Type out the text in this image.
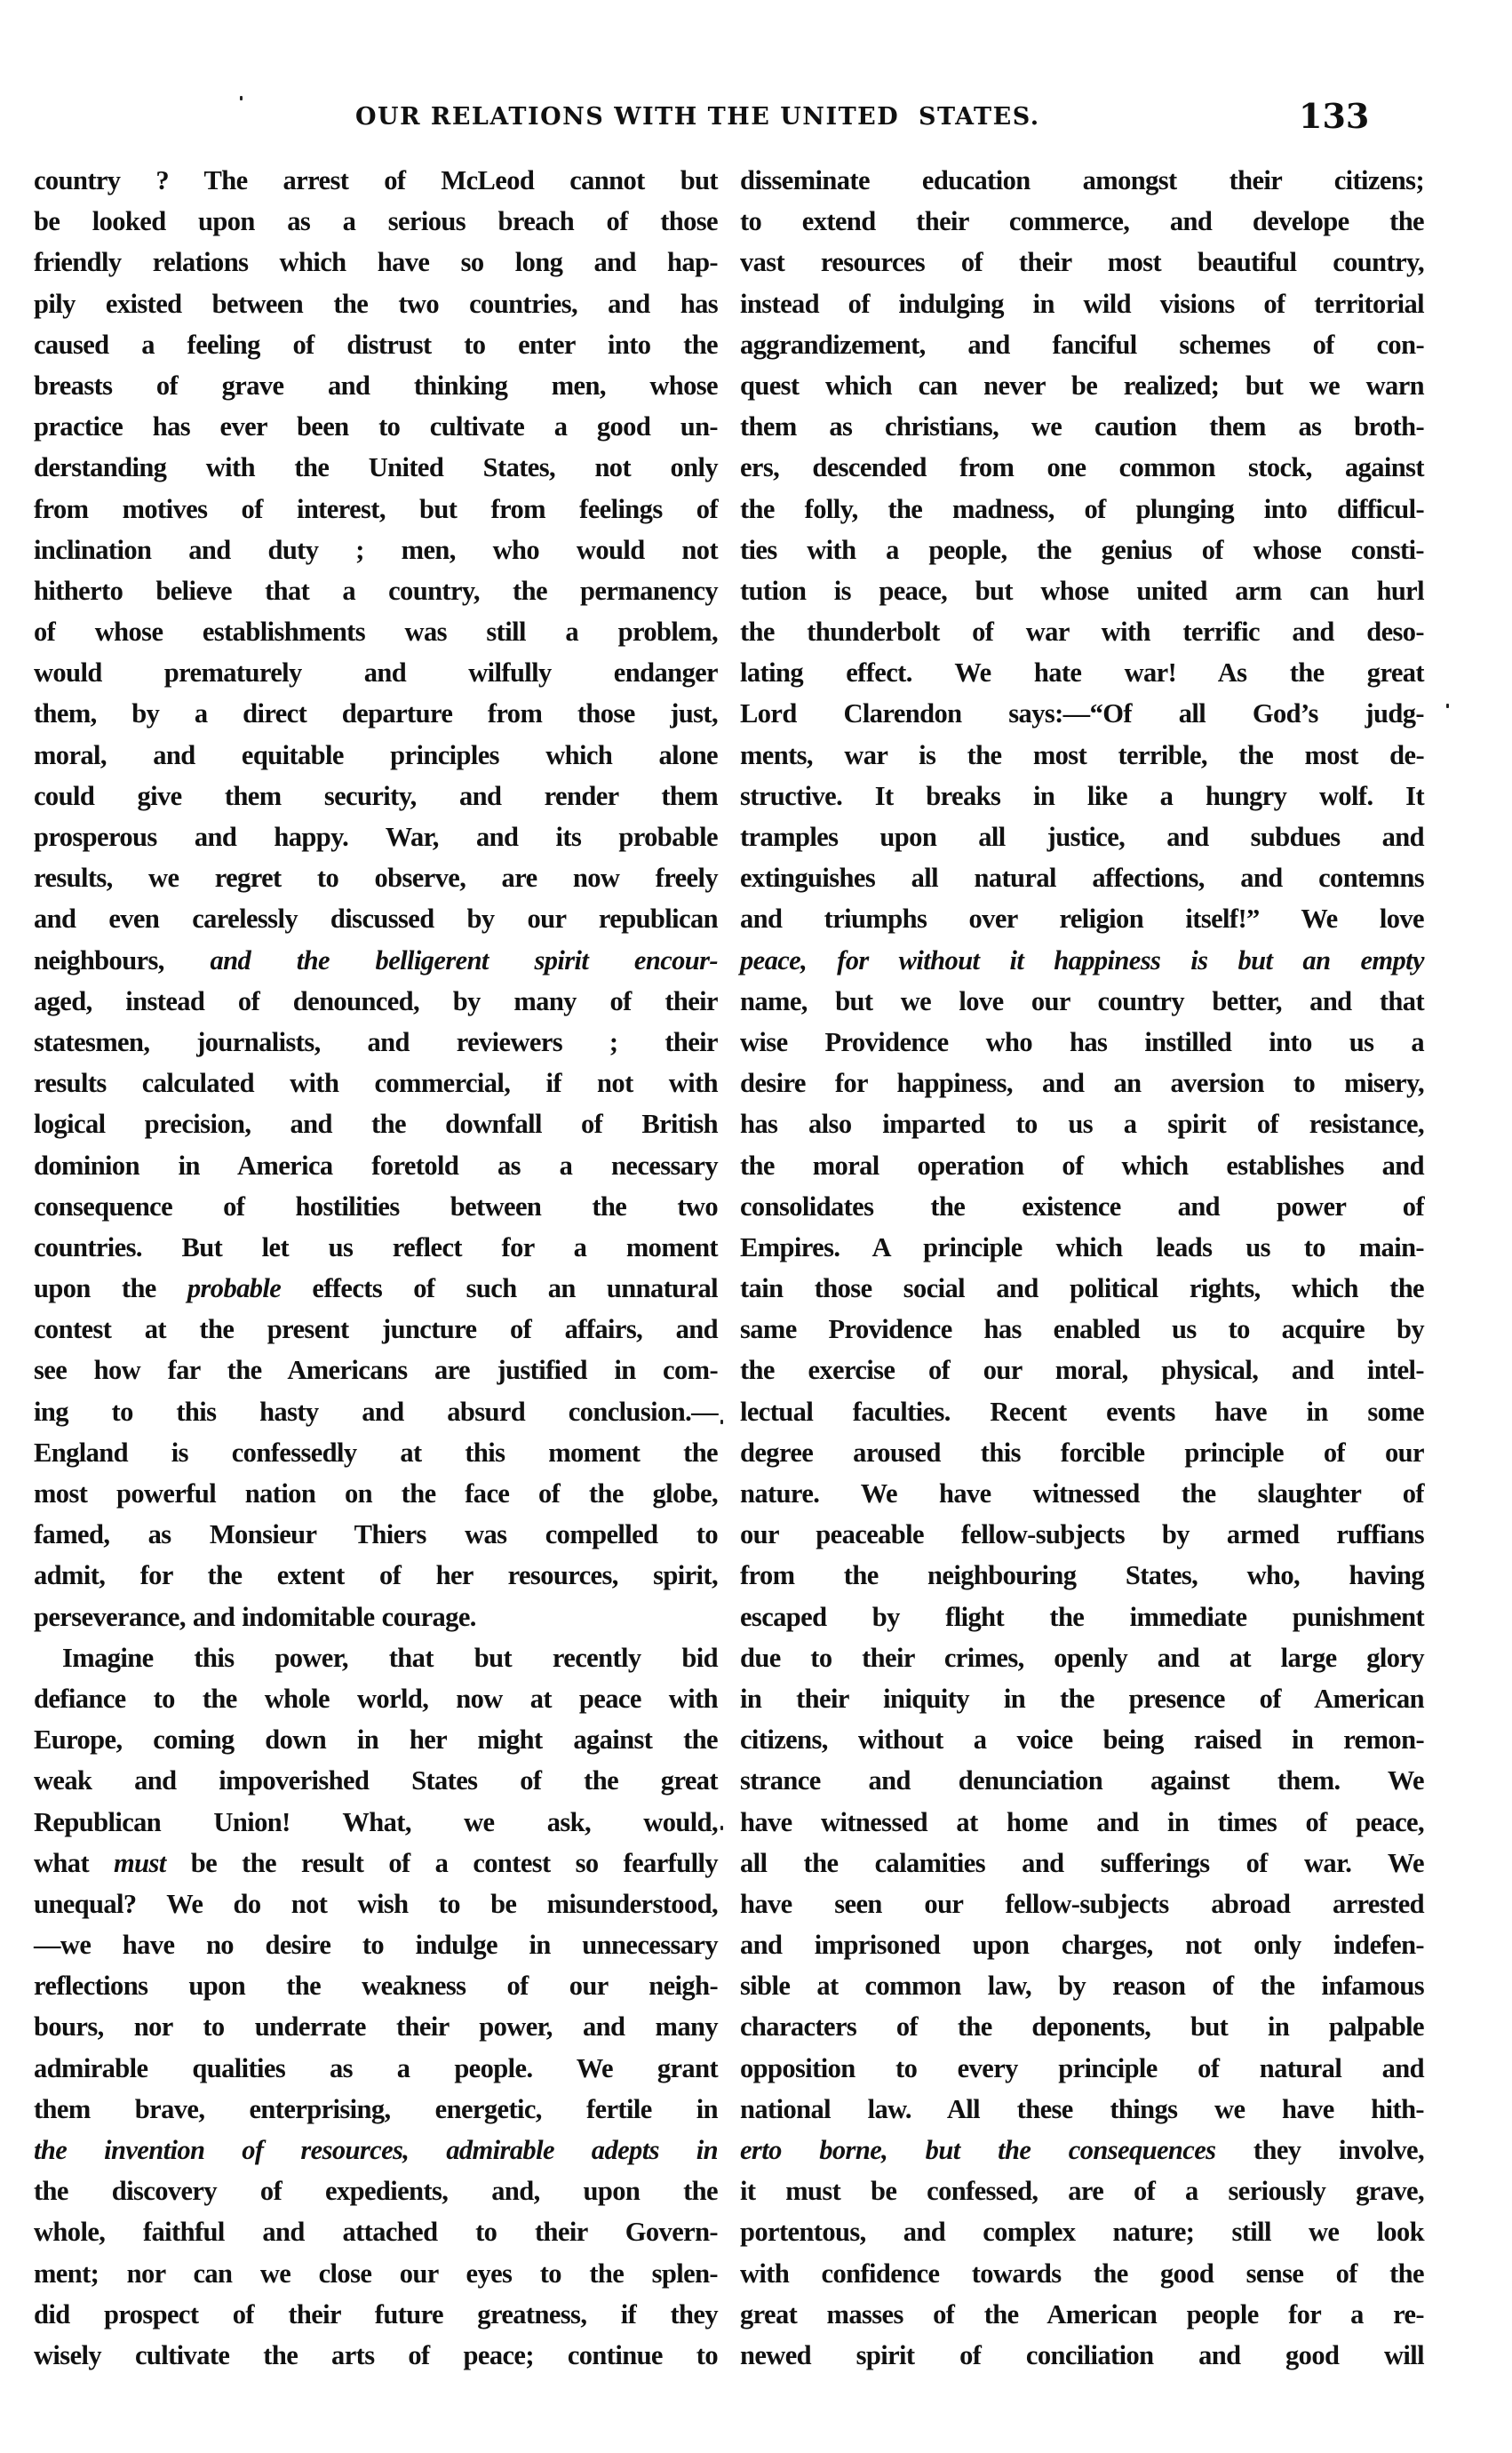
OUR RELATIONS WITH THE UNITED  STATES.	133
country ? The arrest of McLeod cannot but
be looked upon as a serious breach of those
friendly relations which have so long and hap-
pily existed between the two countries, and has
caused a feeling of distrust to enter into the
breasts of grave and thinking men, whose
practice has ever been to cultivate a good un-
derstanding with the United States, not only
from motives of interest, but from feelings of
inclination and duty ; men, who would not
hitherto believe that a country, the permanency
of whose establishments was still a problem,
would prematurely and wilfully endanger
them, by a direct departure from those just,
moral, and equitable principles which alone
could give them security, and render them
prosperous and happy. War, and its probable
results, we regret to observe, are now freely
and even carelessly discussed by our republican
neighbours, and the belligerent spirit encour-
aged, instead of denounced, by many of their
statesmen, journalists, and reviewers ; their
results calculated with commercial, if not with
logical precision, and the downfall of British
dominion in America foretold as a necessary
consequence of hostilities between the two
countries. But let us reflect for a moment
upon the probable effects of such an unnatural
contest at the present juncture of affairs, and
see how far the Americans are justified in com-
ing to this hasty and absurd conclusion.—
England is confessedly at this moment the
most powerful nation on the face of the globe,
famed, as Monsieur Thiers was compelled to
admit, for the extent of her resources, spirit,
perseverance, and indomitable courage.
Imagine this power, that but recently bid
defiance to the whole world, now at peace with
Europe, coming down in her might against the
weak and impoverished States of the great
Republican Union! What, we ask, would,
what must be the result of a contest so fearfully
unequal? We do not wish to be misunderstood,
—we have no desire to indulge in unnecessary
reflections upon the weakness of our neigh-
bours, nor to underrate their power, and many
admirable qualities as a people. We grant
them brave, enterprising, energetic, fertile in
the invention of resources, admirable adepts in
the discovery of expedients, and, upon the
whole, faithful and attached to their Govern-
ment; nor can we close our eyes to the splen-
did prospect of their future greatness, if they
wisely cultivate the arts of peace; continue to
disseminate education amongst their citizens;
to extend their commerce, and develope the
vast resources of their most beautiful country,
instead of indulging in wild visions of territorial
aggrandizement, and fanciful schemes of con-
quest which can never be realized; but we warn
them as christians, we caution them as broth-
ers, descended from one common stock, against
the folly, the madness, of plunging into difficul-
ties with a people, the genius of whose consti-
tution is peace, but whose united arm can hurl
the thunderbolt of war with terrific and deso-
lating effect. We hate war! As the great
Lord Clarendon says:—“Of all God’s judg-
ments, war is the most terrible, the most de-
structive. It breaks in like a hungry wolf. It
tramples upon all justice, and subdues and
extinguishes all natural affections, and contemns
and triumphs over religion itself!” We love
peace, for without it happiness is but an empty
name, but we love our country better, and that
wise Providence who has instilled into us a
desire for happiness, and an aversion to misery,
has also imparted to us a spirit of resistance,
the moral operation of which establishes and
consolidates the existence and power of
Empires. A principle which leads us to main-
tain those social and political rights, which the
same Providence has enabled us to acquire by
the exercise of our moral, physical, and intel-
lectual faculties. Recent events have in some
degree aroused this forcible principle of our
nature. We have witnessed the slaughter of
our peaceable fellow-subjects by armed ruffians
from the neighbouring States, who, having
escaped by flight the immediate punishment
due to their crimes, openly and at large glory
in their iniquity in the presence of American
citizens, without a voice being raised in remon-
strance and denunciation against them. We
have witnessed at home and in times of peace,
all the calamities and sufferings of war. We
have seen our fellow-subjects abroad arrested
and imprisoned upon charges, not only indefen-
sible at common law, by reason of the infamous
characters of the deponents, but in palpable
opposition to every principle of natural and
national law. All these things we have hith-
erto borne, but the consequences they involve,
it must be confessed, are of a seriously grave,
portentous, and complex nature; still we look
with confidence towards the good sense of the
great masses of the American people for a re-
newed spirit of conciliation and good will
